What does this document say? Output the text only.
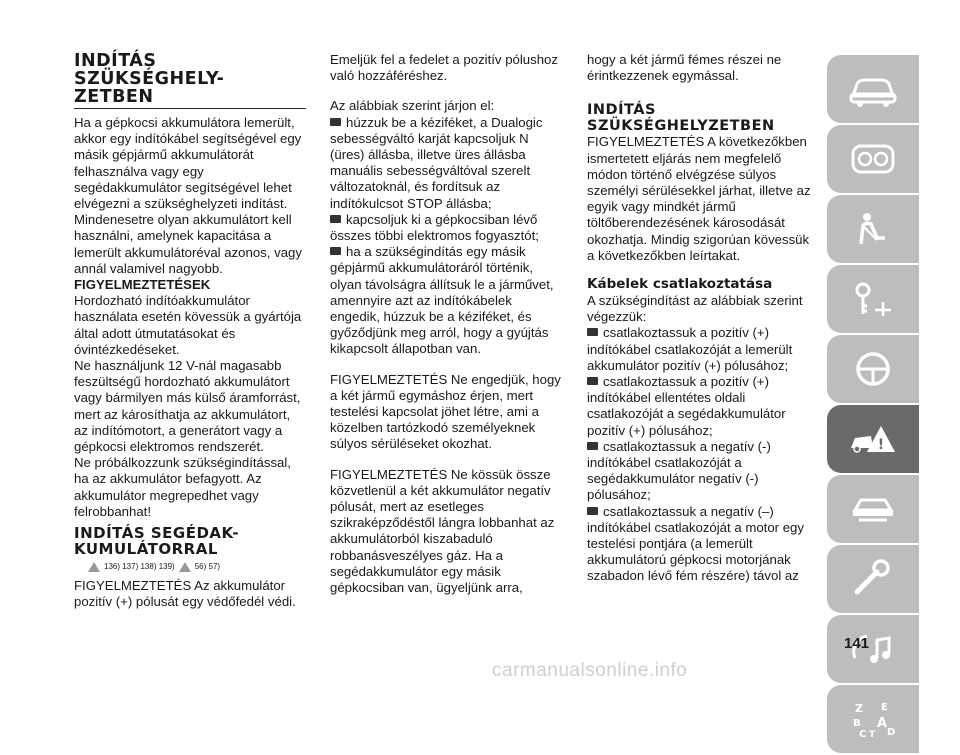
INDÍTÁS
SZÜKSÉGHELY-
ZETBEN

Ha a gépkocsi akkumulátora lemerült, akkor egy indítókábel segítségével egy másik gépjármű akkumulátorát felhasználva vagy egy segédakkumulátor segítségével lehet elvégezni a szükséghelyzeti indítást. Mindenesetre olyan akkumulátort kell használni, amelynek kapacitása a lemerült akkumulátoréval azonos, vagy annál valamivel nagyobb.

FIGYELMEZTETÉSEK

Hordozható indítóakkumulátor használata esetén kövessük a gyártója által adott útmutatásokat és óvintézkedéseket.

Ne használjunk 12 V-nál magasabb feszültségű hordozható akkumulátort vagy bármilyen más külső áramforrást, mert az károsíthatja az akkumulátort, az indítómotort, a generátort vagy a gépkocsi elektromos rendszerét.

Ne próbálkozzunk szükségindítással, ha az akkumulátor befagyott. Az akkumulátor megrepedhet vagy felrobbanhat!

INDÍTÁS SEGÉDAK-
KUMULÁTORRAL
136) 137) 138) 139)	56) 57)

FIGYELMEZTETÉS Az akkumulátor pozitív (+) pólusát egy védőfedél védi.

Emeljük fel a fedelet a pozitív pólushoz való hozzáféréshez.

Az alábbiak szerint járjon el:

húzzuk be a kéziféket, a Dualogic sebességváltó karját kapcsoljuk N (üres) állásba, illetve üres állásba manuális sebességváltóval szerelt változatoknál, és fordítsuk az indítókulcsot STOP állásba;

kapcsoljuk ki a gépkocsiban lévő összes többi elektromos fogyasztót;

ha a szükségindítás egy másik gépjármű akkumulátoráról történik, olyan távolságra állítsuk le a járművet, amennyire azt az indítókábelek engedik, húzzuk be a kéziféket, és győződjünk meg arról, hogy a gyújtás kikapcsolt állapotban van.

FIGYELMEZTETÉS Ne engedjük, hogy a két jármű egymáshoz érjen, mert testelési kapcsolat jöhet létre, ami a közelben tartózkodó személyeknek súlyos sérüléseket okozhat.

FIGYELMEZTETÉS Ne kössük össze közvetlenül a két akkumulátor negatív pólusát, mert az esetleges szikraképződéstől lángra lobbanhat az akkumulátorból kiszabaduló robbanásveszélyes gáz. Ha a segédakkumulátor egy másik gépkocsiban van, ügyeljünk arra,

hogy a két jármű fémes részei ne érintkezzenek egymással.

INDÍTÁS
SZÜKSÉGHELYZETBEN

FIGYELMEZTETÉS A következőkben ismertetett eljárás nem megfelelő módon történő elvégzése súlyos személyi sérülésekkel járhat, illetve az egyik vagy mindkét jármű töltőberendezésének károsodását okozhatja. Mindig szigorúan kövessük a következőkben leírtakat.

Kábelek csatlakoztatása

A szükségindítást az alábbiak szerint végezzük:

csatlakoztassuk a pozitív (+) indítókábel csatlakozóját a lemerült akkumulátor pozitív (+) pólusához;

csatlakoztassuk a pozitív (+) indítókábel ellentétes oldali csatlakozóját a segédakkumulátor pozitív (+) pólusához;

csatlakoztassuk a negatív (-) indítókábel csatlakozóját a segédakkumulátor negatív (-) pólusához;

csatlakoztassuk a negatív (–) indítókábel csatlakozóját a motor egy testelési pontjára (a lemerült akkumulátorú gépkocsi motorjának szabadon lévő fém részére) távol az

!
Z E
B A
C T D
141
carmanualsonline.info
